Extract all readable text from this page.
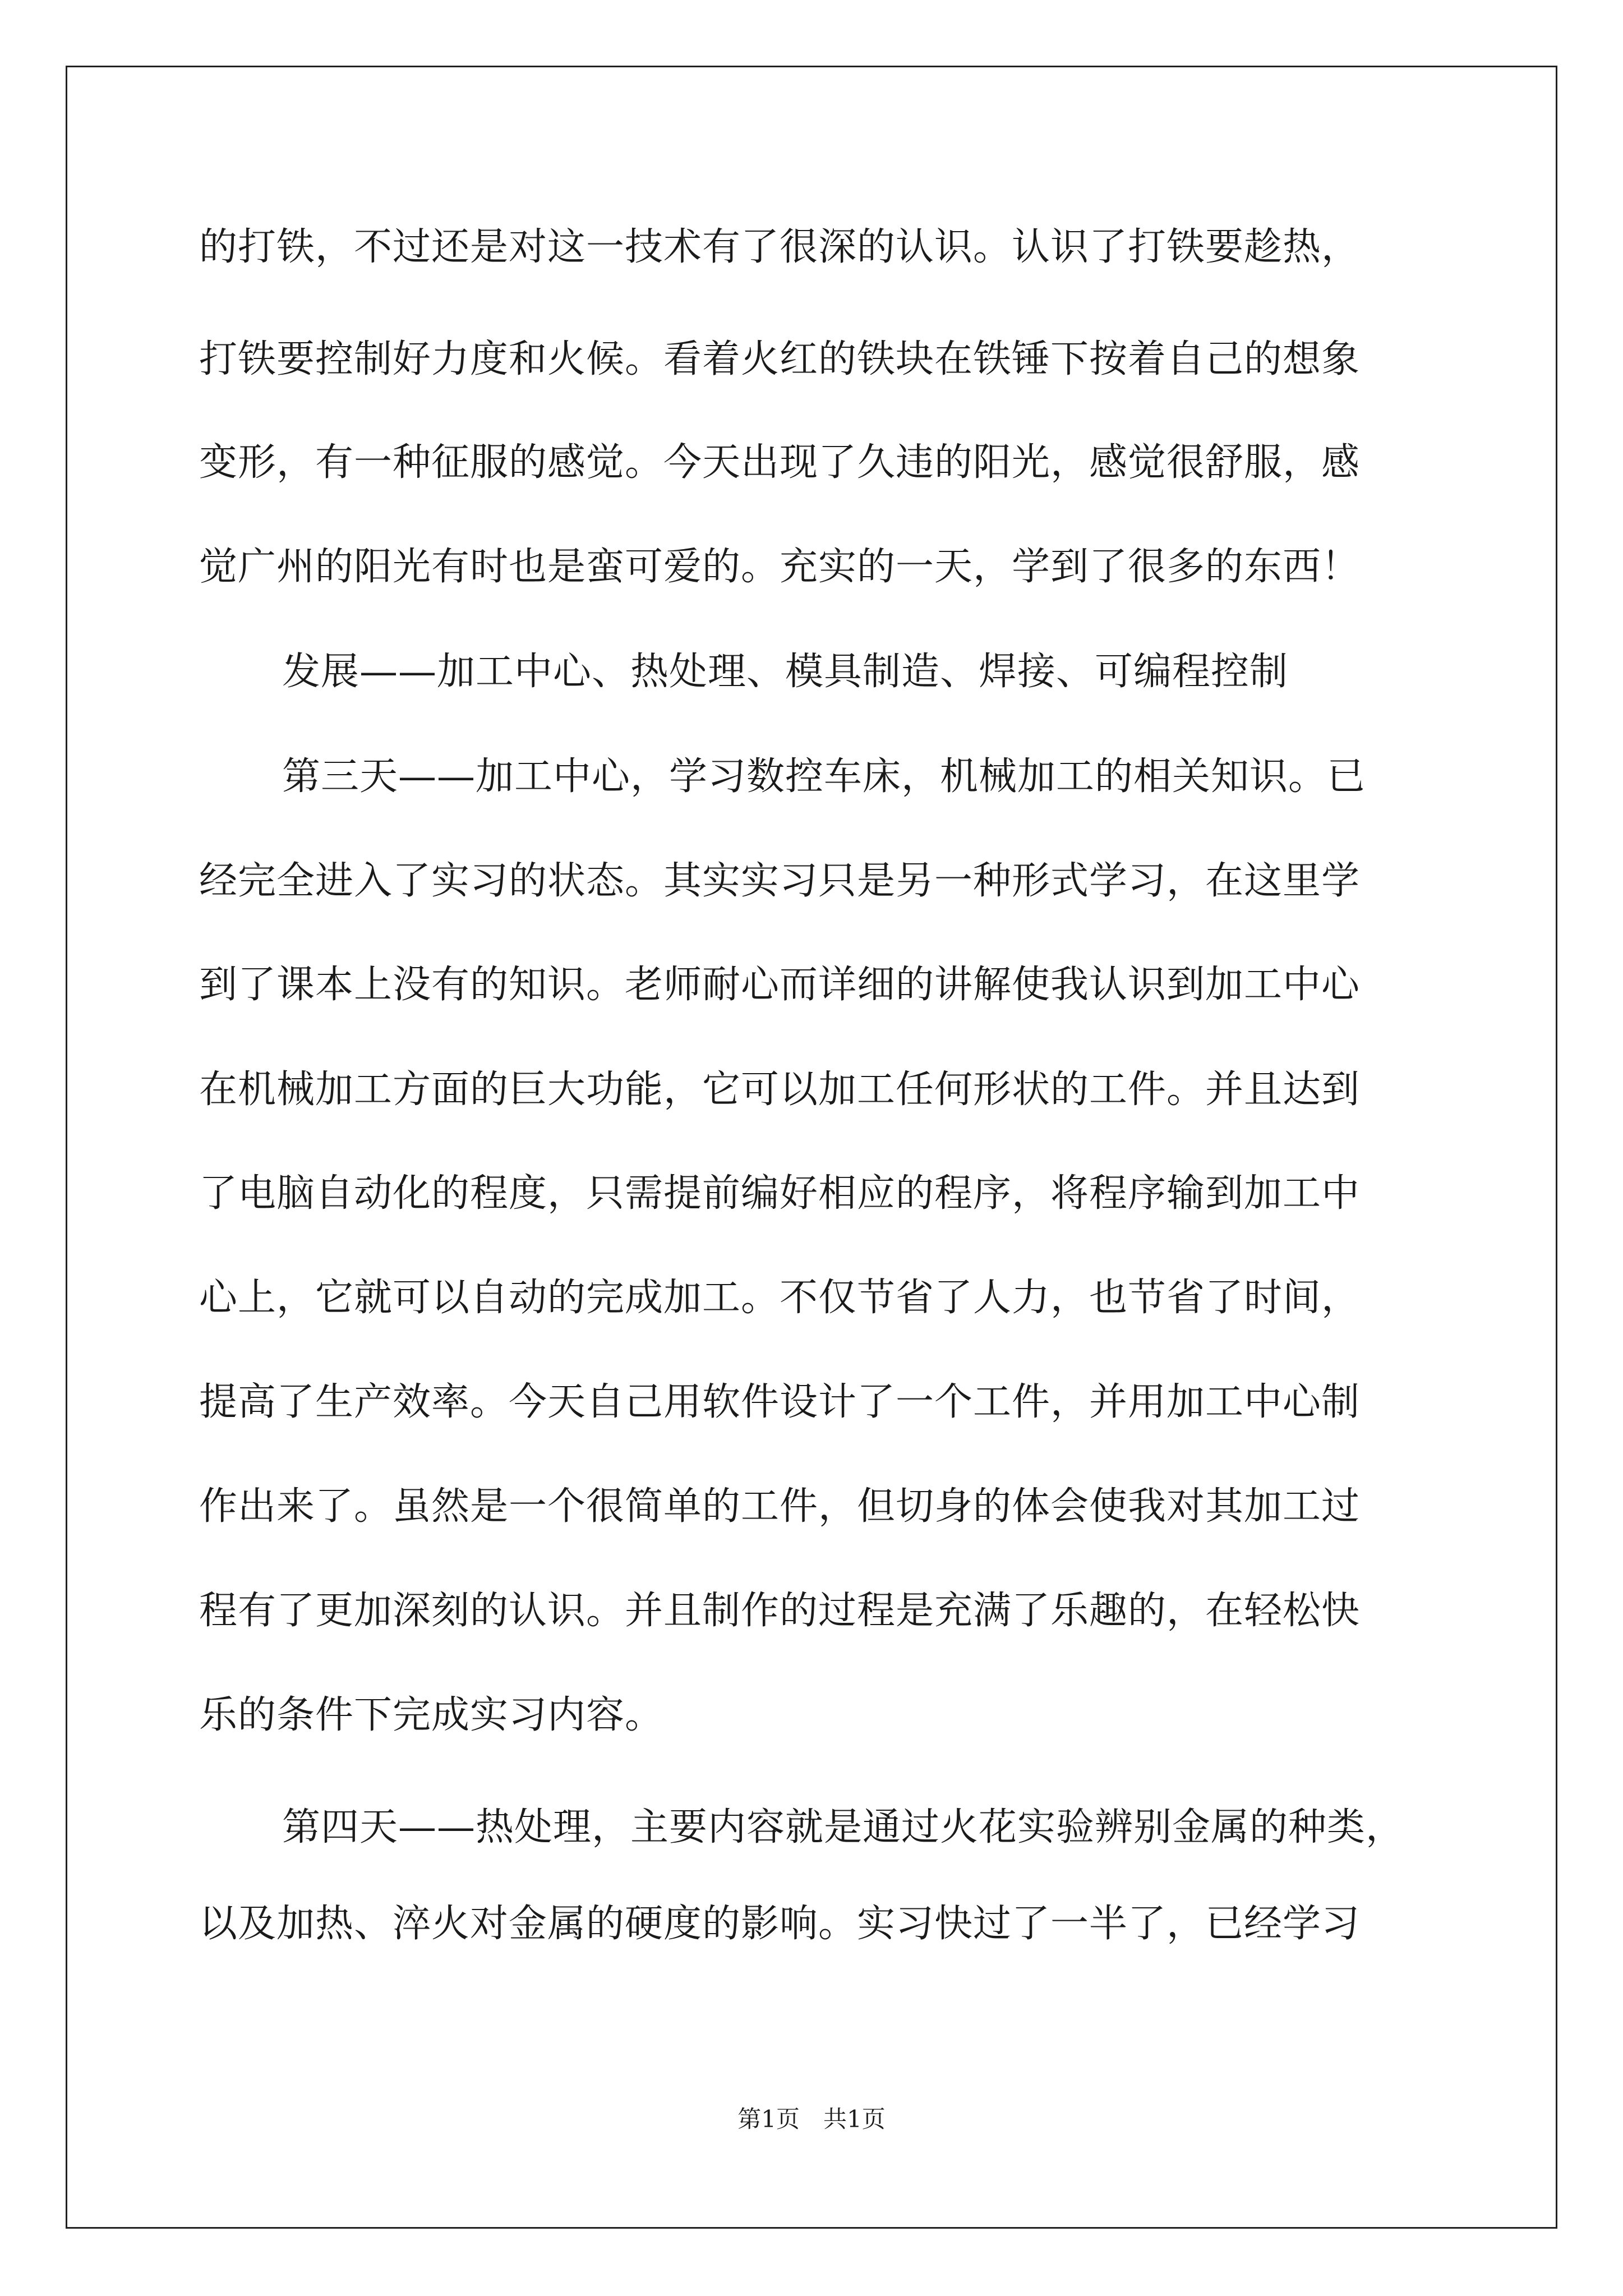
的打铁，不过还是对这一技术有了很深的认识。认识了打铁要趁热，
打铁要控制好力度和火候。看着火红的铁块在铁锤下按着自己的想象
变形，有一种征服的感觉。今天出现了久违的阳光，感觉很舒服，感
觉广州的阳光有时也是蛮可爱的。充实的一天，学到了很多的东西！
发展——加工中心、热处理、模具制造、焊接、可编程控制
第三天——加工中心，学习数控车床，机械加工的相关知识。已
经完全进入了实习的状态。其实实习只是另一种形式学习，在这里学
到了课本上没有的知识。老师耐心而详细的讲解使我认识到加工中心
在机械加工方面的巨大功能，它可以加工任何形状的工件。并且达到
了电脑自动化的程度，只需提前编好相应的程序，将程序输到加工中
心上，它就可以自动的完成加工。不仅节省了人力，也节省了时间，
提高了生产效率。今天自己用软件设计了一个工件，并用加工中心制
作出来了。虽然是一个很简单的工件，但切身的体会使我对其加工过
程有了更加深刻的认识。并且制作的过程是充满了乐趣的，在轻松快
乐的条件下完成实习内容。
第四天——热处理，主要内容就是通过火花实验辨别金属的种类，
以及加热、淬火对金属的硬度的影响。实习快过了一半了，已经学习
第1页　共1页
